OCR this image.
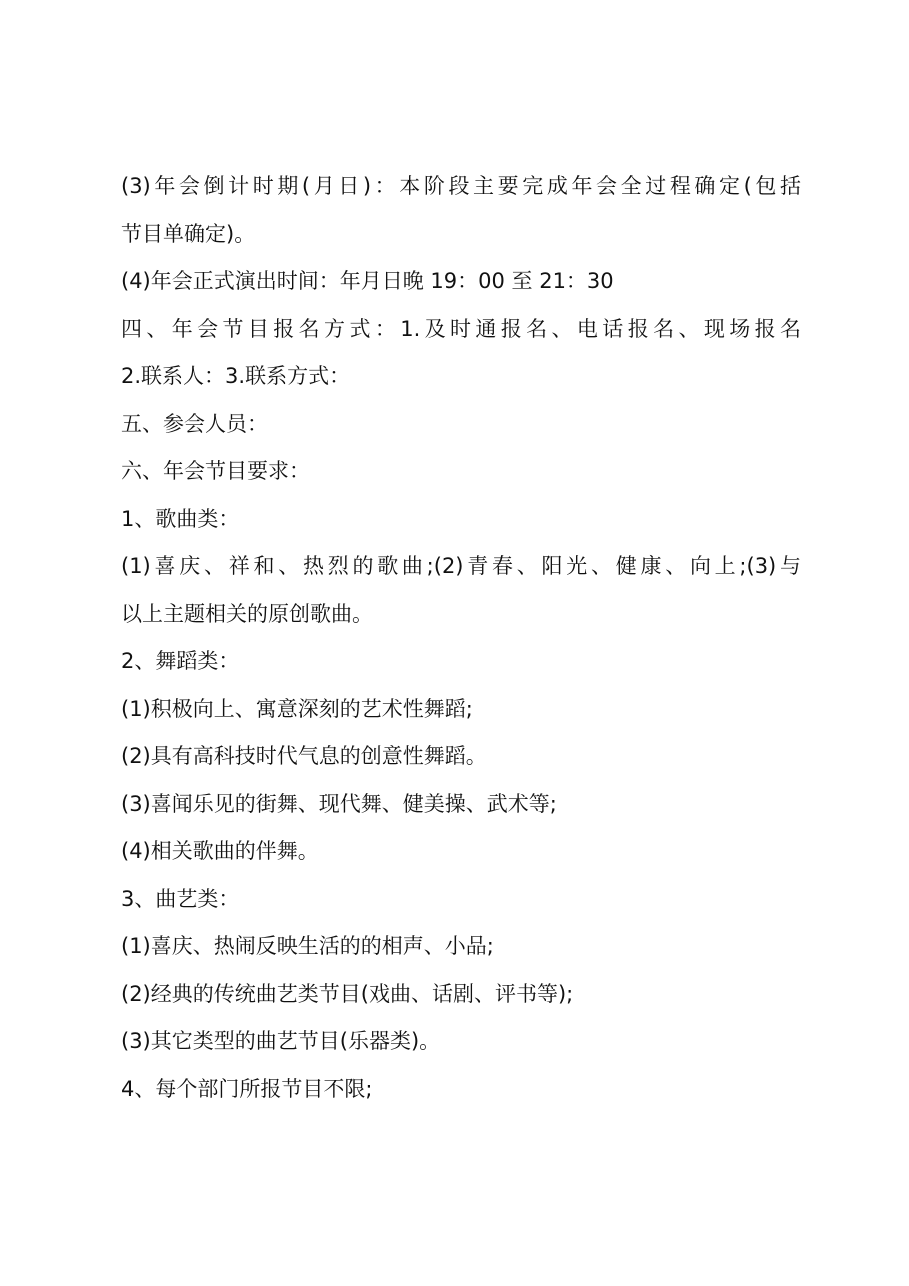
(3)年会倒计时期(月日)：本阶段主要完成年会全过程确定(包括

节目单确定)。

(4)年会正式演出时间：年月日晚 19：00 至 21：30

四、年会节目报名方式：1.及时通报名、电话报名、现场报名

2.联系人：3.联系方式：

五、参会人员：

六、年会节目要求：

1、歌曲类：

(1)喜庆、祥和、热烈的歌曲;(2)青春、阳光、健康、向上;(3)与

以上主题相关的原创歌曲。

2、舞蹈类：

(1)积极向上、寓意深刻的艺术性舞蹈;

(2)具有高科技时代气息的创意性舞蹈。

(3)喜闻乐见的街舞、现代舞、健美操、武术等;

(4)相关歌曲的伴舞。

3、曲艺类：

(1)喜庆、热闹反映生活的的相声、小品;

(2)经典的传统曲艺类节目(戏曲、话剧、评书等);

(3)其它类型的曲艺节目(乐器类)。

4、每个部门所报节目不限;
